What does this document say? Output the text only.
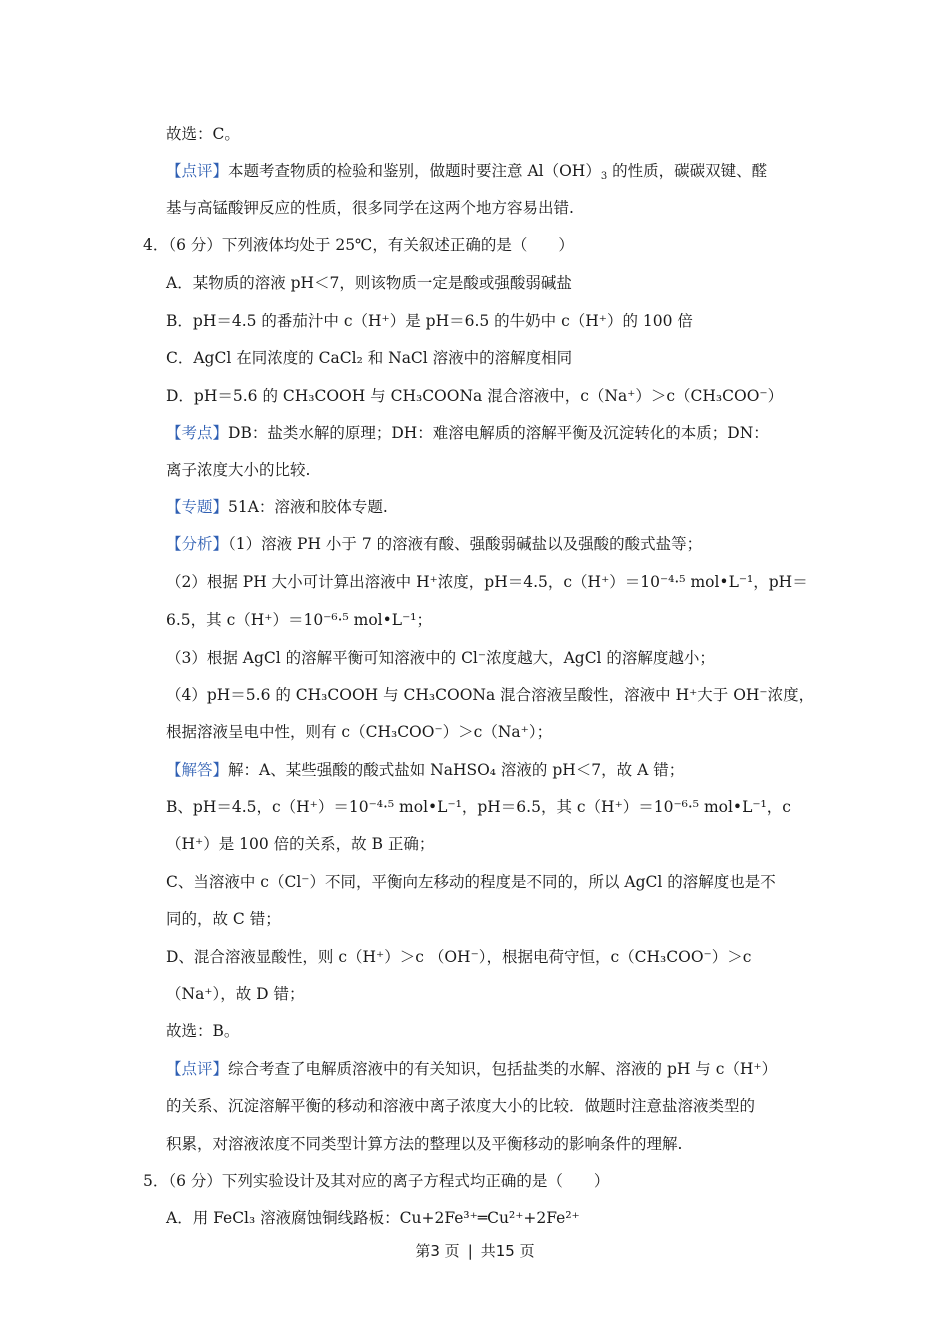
故选：C。
【点评】本题考查物质的检验和鉴别，做题时要注意 $Al(OH)_3$ 的性质，碳碳双键、醛
基与高锰酸钾反应的性质，很多同学在这两个地方容易出错.
4．（6 分）下列液体均处于 25℃，有关叙述正确的是（　　）
A．某物质的溶液 pH＜7，则该物质一定是酸或强酸弱碱盐
B．pH＝4.5 的番茄汁中 c（H⁺）是 pH＝6.5 的牛奶中 c（H⁺）的 100 倍
C．AgCl 在同浓度的 CaCl₂ 和 NaCl 溶液中的溶解度相同
D．pH＝5.6 的 CH₃COOH 与 CH₃COONa 混合溶液中，c（Na⁺）＞c（CH₃COO⁻）
【考点】DB：盐类水解的原理；DH：难溶电解质的溶解平衡及沉淀转化的本质；DN：
离子浓度大小的比较.
【专题】51A：溶液和胶体专题.
【分析】（1）溶液 PH 小于 7 的溶液有酸、强酸弱碱盐以及强酸的酸式盐等；
（2）根据 PH 大小可计算出溶液中 H⁺浓度，pH＝4.5，c（H⁺）＝10⁻⁴·⁵ mol•L⁻¹，pH＝
6.5，其 c（H⁺）＝10⁻⁶·⁵ mol•L⁻¹；
（3）根据 AgCl 的溶解平衡可知溶液中的 Cl⁻浓度越大，AgCl 的溶解度越小；
（4）pH＝5.6 的 CH₃COOH 与 CH₃COONa 混合溶液呈酸性，溶液中 H⁺大于 OH⁻浓度，
根据溶液呈电中性，则有 c（CH₃COO⁻）＞c（Na⁺）；
【解答】解：A、某些强酸的酸式盐如 NaHSO₄ 溶液的 pH＜7，故 A 错；
B、pH＝4.5，c（H⁺）＝10⁻⁴·⁵ mol•L⁻¹，pH＝6.5，其 c（H⁺）＝10⁻⁶·⁵ mol•L⁻¹，c
（H⁺）是 100 倍的关系，故 B 正确；
C、当溶液中 c（Cl⁻）不同，平衡向左移动的程度是不同的，所以 AgCl 的溶解度也是不
同的，故 C 错；
D、混合溶液显酸性，则 c（H⁺）＞c （OH⁻），根据电荷守恒，c（CH₃COO⁻）＞c
（Na⁺），故 D 错；
故选：B。
【点评】综合考查了电解质溶液中的有关知识，包括盐类的水解、溶液的 pH 与 c（H⁺）
的关系、沉淀溶解平衡的移动和溶液中离子浓度大小的比较．做题时注意盐溶液类型的
积累，对溶液浓度不同类型计算方法的整理以及平衡移动的影响条件的理解.
5．（6 分）下列实验设计及其对应的离子方程式均正确的是（　　）
A．用 FeCl₃ 溶液腐蚀铜线路板：Cu+2Fe³⁺═Cu²⁺+2Fe²⁺
第3 页 | 共15 页
